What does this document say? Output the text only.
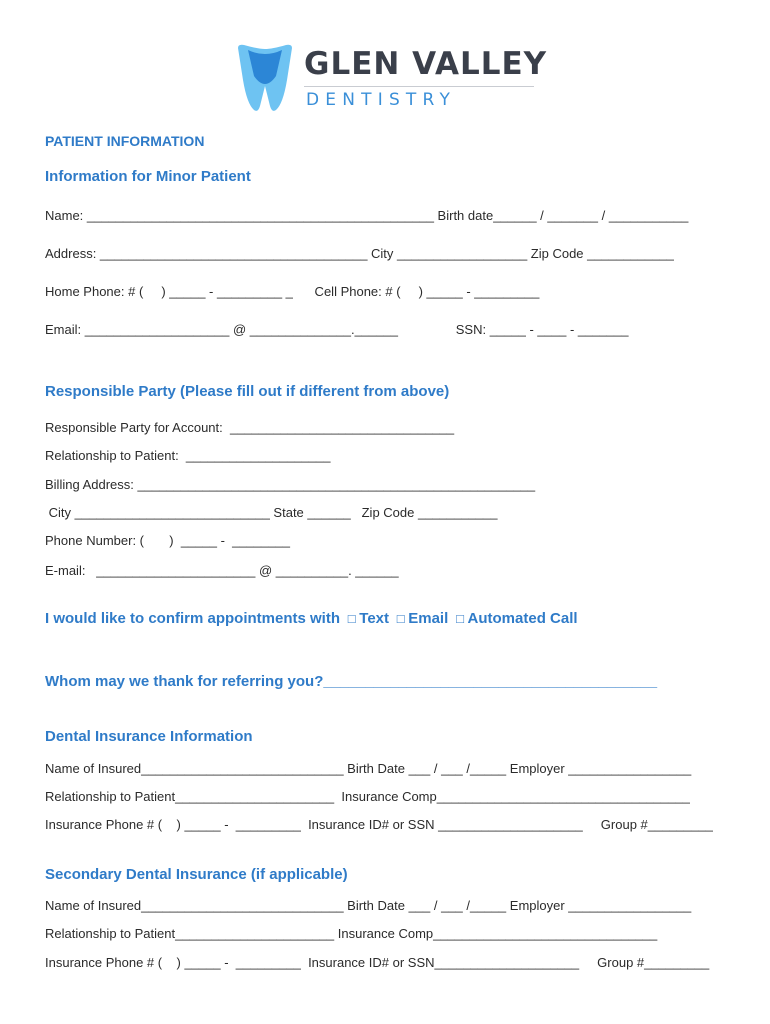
GLEN VALLEY
DENTISTRY
PATIENT INFORMATION
Information for Minor Patient
Name: ________________________________________________ Birth date______ / _______ / ___________
Address: _____________________________________ City __________________ Zip Code ____________
Home Phone: # (     ) _____ - _________ _      Cell Phone: # (     ) _____ - _________
Email: ____________________ @ ______________.______                SSN: _____ - ____ - _______
Responsible Party (Please fill out if different from above)
Responsible Party for Account:  _______________________________
Relationship to Patient:  ____________________
Billing Address: _______________________________________________________
City ___________________________ State ______   Zip Code ___________
Phone Number: (       )  _____ -  ________
E-mail:   ______________________ @ __________. ______
I would like to confirm appointments with  □ Text  □ Email  □ Automated Call
Whom may we thank for referring you?________________________________________
Dental Insurance Information
Name of Insured____________________________ Birth Date ___ / ___ /_____ Employer _________________
Relationship to Patient______________________  Insurance Comp___________________________________
Insurance Phone # (    ) _____ -  _________  Insurance ID# or SSN ____________________     Group #_________
Secondary Dental Insurance (if applicable)
Name of Insured____________________________ Birth Date ___ / ___ /_____ Employer _________________
Relationship to Patient______________________ Insurance Comp_______________________________
Insurance Phone # (    ) _____ -  _________  Insurance ID# or SSN____________________     Group #_________
